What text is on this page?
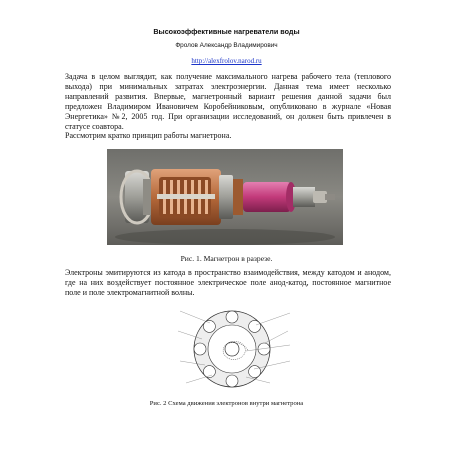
Высокоэффективные нагреватели воды
Фролов Александр Владимирович
http://alexfrolov.narod.ru
Задача в целом выглядит, как получение максимального нагрева рабочего тела (теплового выхода) при минимальных затратах электроэнергии. Данная тема имеет несколько направлений развития. Впервые, магнетронный вариант решения данной задачи был предложен Владимиром Ивановичем Коробейниковым, опубликовано в журнале «Новая Энергетика» №2, 2005 год. При организации исследований, он должен быть привлечен в статусе соавтора.
Рассмотрим кратко принцип работы магнетрона.
Рис. 1. Магнетрон в разрезе.
Электроны эмитируются из катода в пространство взаимодействия, между катодом и анодом, где на них воздействует постоянное электрическое поле анод-катод, постоянное магнитное поле и поле электромагнитной волны.
Рис. 2 Схема движения электронов внутри магнетрона
